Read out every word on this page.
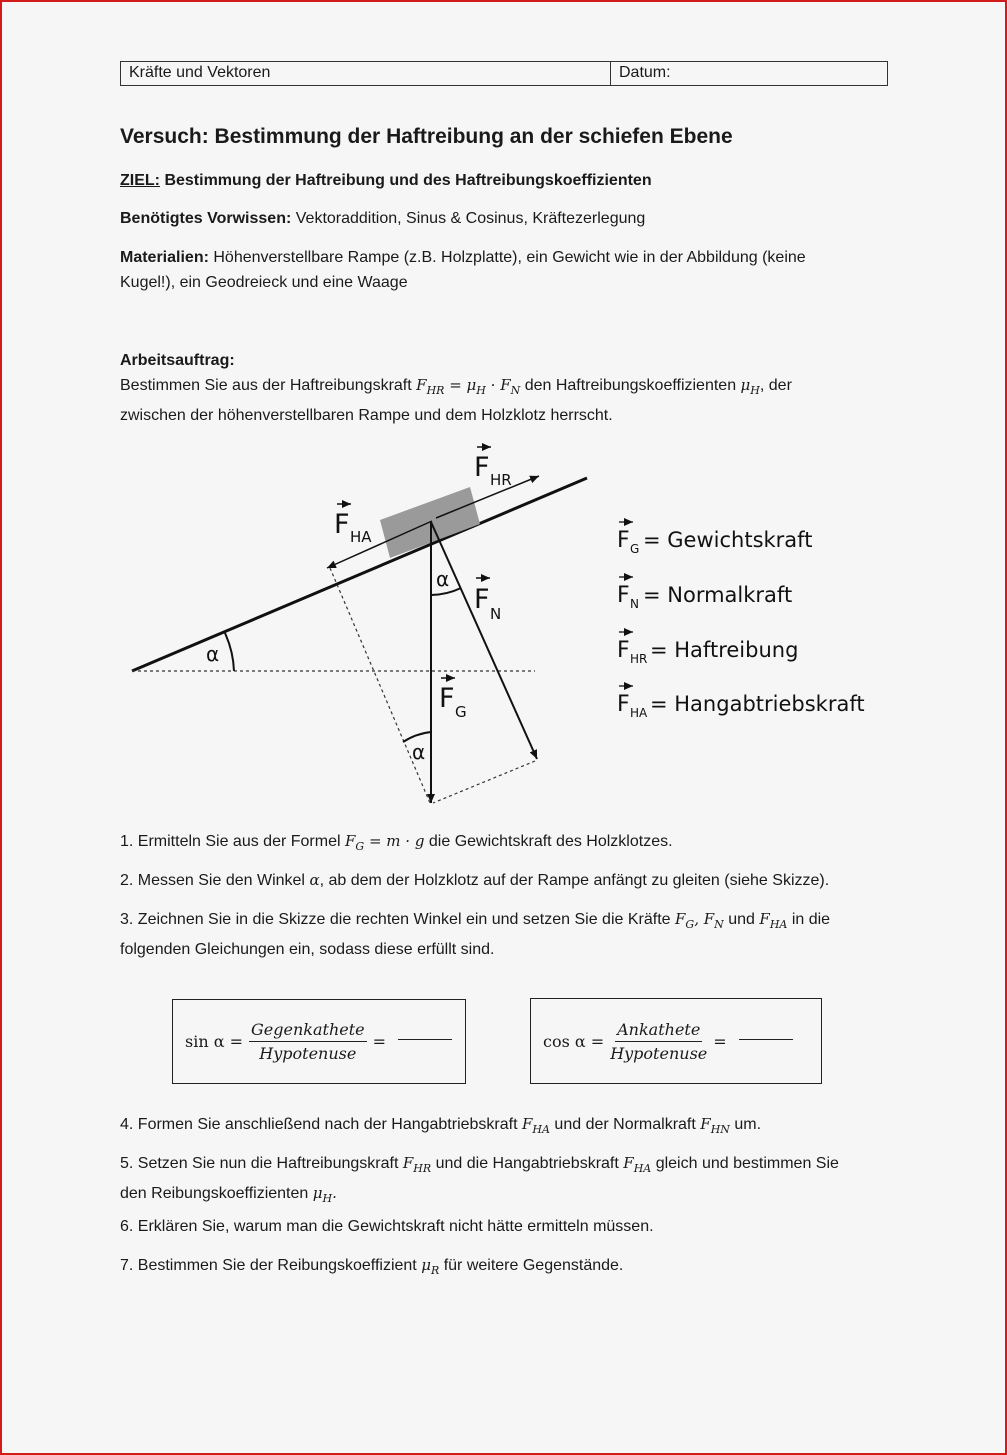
Kräfte und Vektoren	Datum:
Versuch: Bestimmung der Haftreibung an der schiefen Ebene
ZIEL: Bestimmung der Haftreibung und des Haftreibungskoeffizienten
Benötigtes Vorwissen: Vektoraddition, Sinus & Cosinus, Kräftezerlegung
Materialien: Höhenverstellbare Rampe (z.B. Holzplatte), ein Gewicht wie in der Abbildung (keine
Kugel!), ein Geodreieck und eine Waage
Arbeitsauftrag:
Bestimmen Sie aus der Haftreibungskraft $F_{HR} = \mu_H \cdot F_N$ den Haftreibungskoeffizienten $\mu_H$, der
zwischen der höhenverstellbaren Rampe und dem Holzklotz herrscht.
α
α
α
F HR
F HA
F N
F G
F G = Gewichtskraft
F N = Normalkraft
F HR = Haftreibung
F HA = Hangabtriebskraft
1. Ermitteln Sie aus der Formel $F_G = m \cdot g$ die Gewichtskraft des Holzklotzes.
2. Messen Sie den Winkel α, ab dem der Holzklotz auf der Rampe anfängt zu gleiten (siehe Skizze).
3. Zeichnen Sie in die Skizze die rechten Winkel ein und setzen Sie die Kräfte $F_G$, $F_N$ und $F_{HA}$ in die
folgenden Gleichungen ein, sodass diese erfüllt sind.
$\sin \alpha = \frac{\text{Gegenkathete}}{\text{Hypotenuse}}$ =	$\cos \alpha = \frac{\text{Ankathete}}{\text{Hypotenuse}}$ =
4. Formen Sie anschließend nach der Hangabtriebskraft $F_{HA}$ und der Normalkraft $F_{HN}$ um.
5. Setzen Sie nun die Haftreibungskraft $F_{HR}$ und die Hangabtriebskraft $F_{HA}$ gleich und bestimmen Sie
den Reibungskoeffizienten $\mu_H$.
6. Erklären Sie, warum man die Gewichtskraft nicht hätte ermitteln müssen.
7. Bestimmen Sie der Reibungskoeffizient $\mu_R$ für weitere Gegenstände.
